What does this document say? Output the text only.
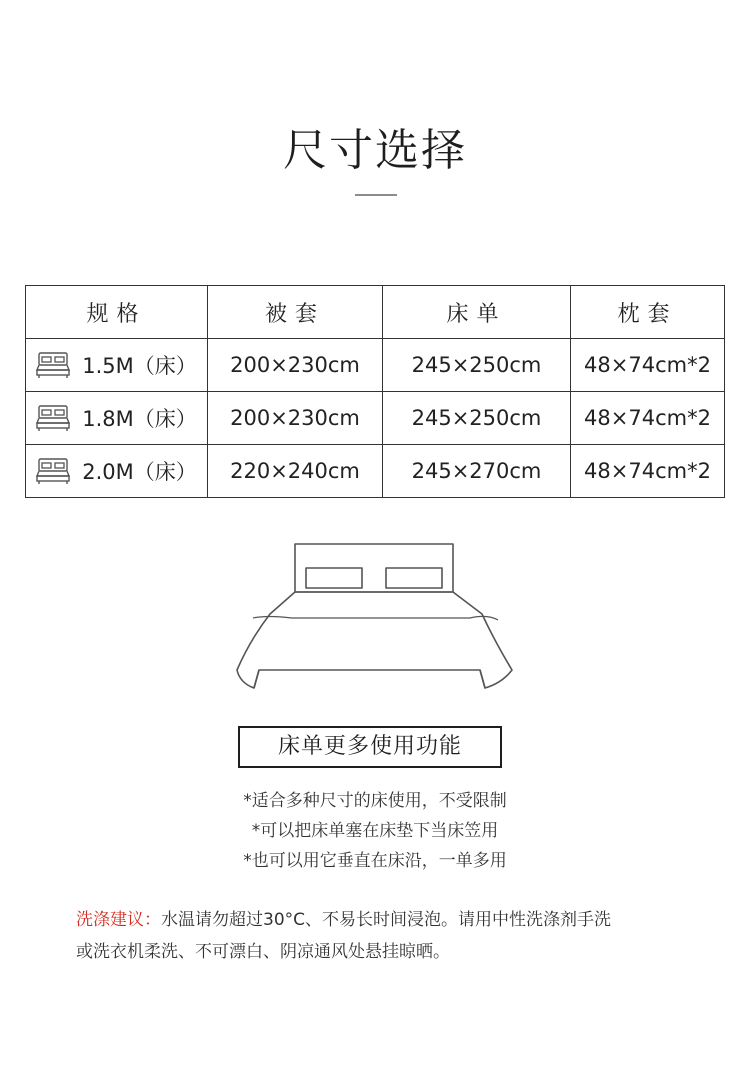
尺寸选择
规格	被套	床单	枕套
1.5M（床）	200×230cm	245×250cm	48×74cm*2
1.8M（床）	200×230cm	245×250cm	48×74cm*2
2.0M（床）	220×240cm	245×270cm	48×74cm*2
床单更多使用功能
*适合多种尺寸的床使用，不受限制
*可以把床单塞在床垫下当床笠用
*也可以用它垂直在床沿，一单多用
洗涤建议：水温请勿超过30°C、不易长时间浸泡。请用中性洗涤剂手洗
或洗衣机柔洗、不可漂白、阴凉通风处悬挂晾晒。
